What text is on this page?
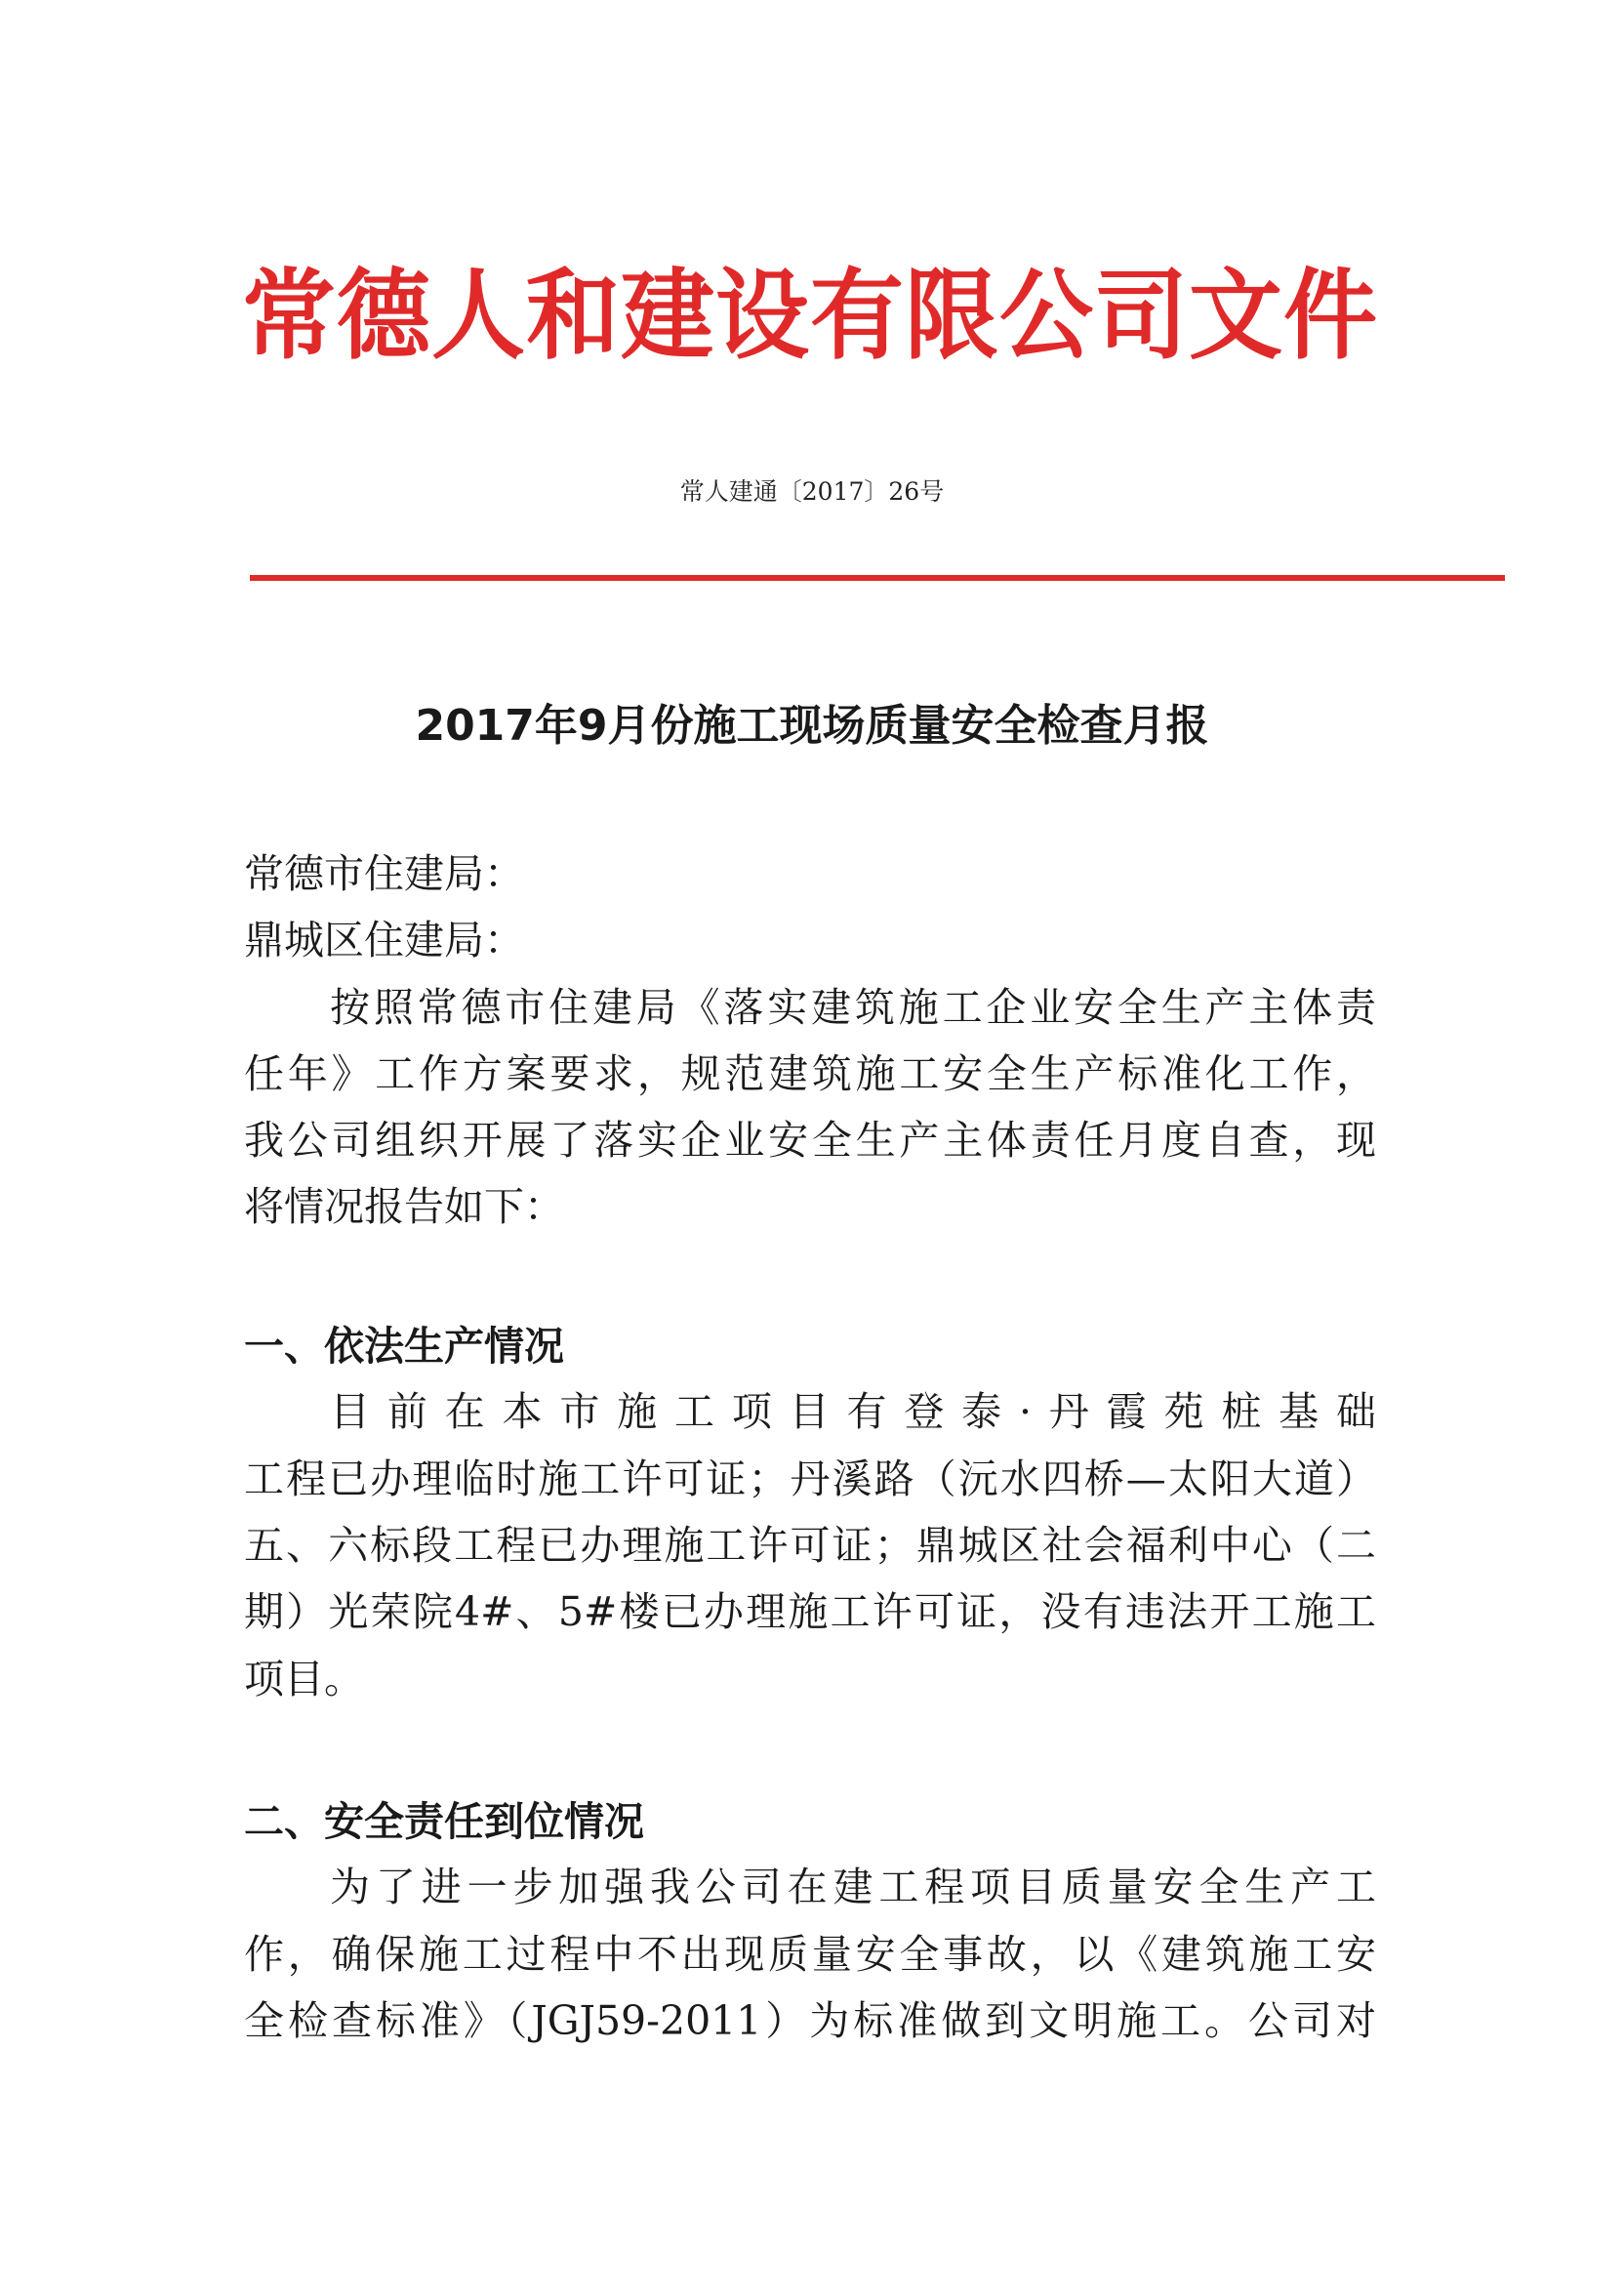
常德人和建设有限公司文件
常人建通〔2017〕26号
2017年9月份施工现场质量安全检查月报
常德市住建局：
鼎城区住建局：
按照常德市住建局《落实建筑施工企业安全生产主体责
任年》工作方案要求，规范建筑施工安全生产标准化工作，
我公司组织开展了落实企业安全生产主体责任月度自查，现
将情况报告如下：
一、依法生产情况
目前在本市施工项目有登泰·丹霞苑桩基础
工程已办理临时施工许可证；丹溪路（沅水四桥—太阳大道）
五、六标段工程已办理施工许可证；鼎城区社会福利中心（二
期）光荣院4#、5#楼已办理施工许可证，没有违法开工施工
项目。
二、安全责任到位情况
为了进一步加强我公司在建工程项目质量安全生产工
作，确保施工过程中不出现质量安全事故，以《建筑施工安
全检查标准》（JGJ59-2011）为标准做到文明施工。公司对
